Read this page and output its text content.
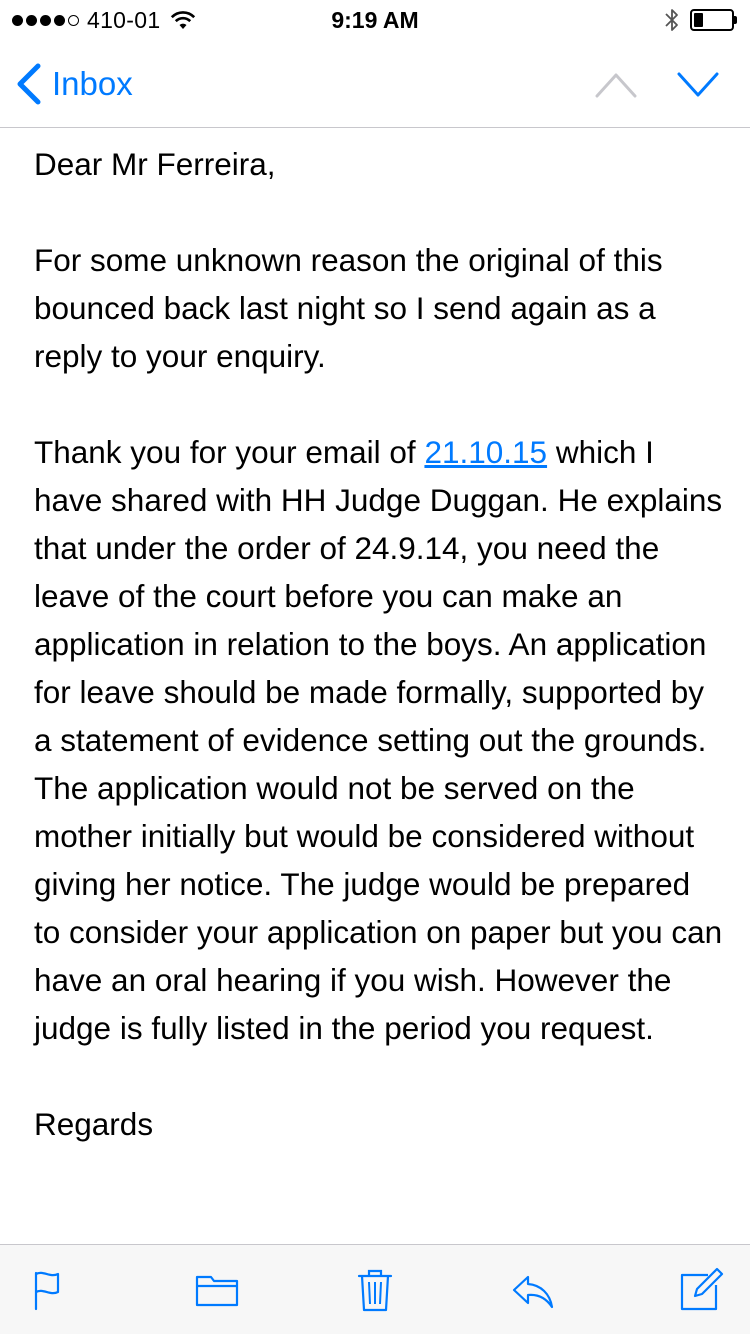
410-01	9:19 AM
Inbox

Dear Mr Ferreira,

For some unknown reason the original of this bounced back last night so I send again as a reply to your enquiry.

Thank you for your email of 21.10.15 which I have shared with HH Judge Duggan. He explains that under the order of 24.9.14, you need the leave of the court before you can make an application in relation to the boys. An application for leave should be made formally, supported by a statement of evidence setting out the grounds. The application would not be served on the mother initially but would be considered without giving her notice. The judge would be prepared to consider your application on paper but you can have an oral hearing if you wish. However the judge is fully listed in the period you request.

Regards
